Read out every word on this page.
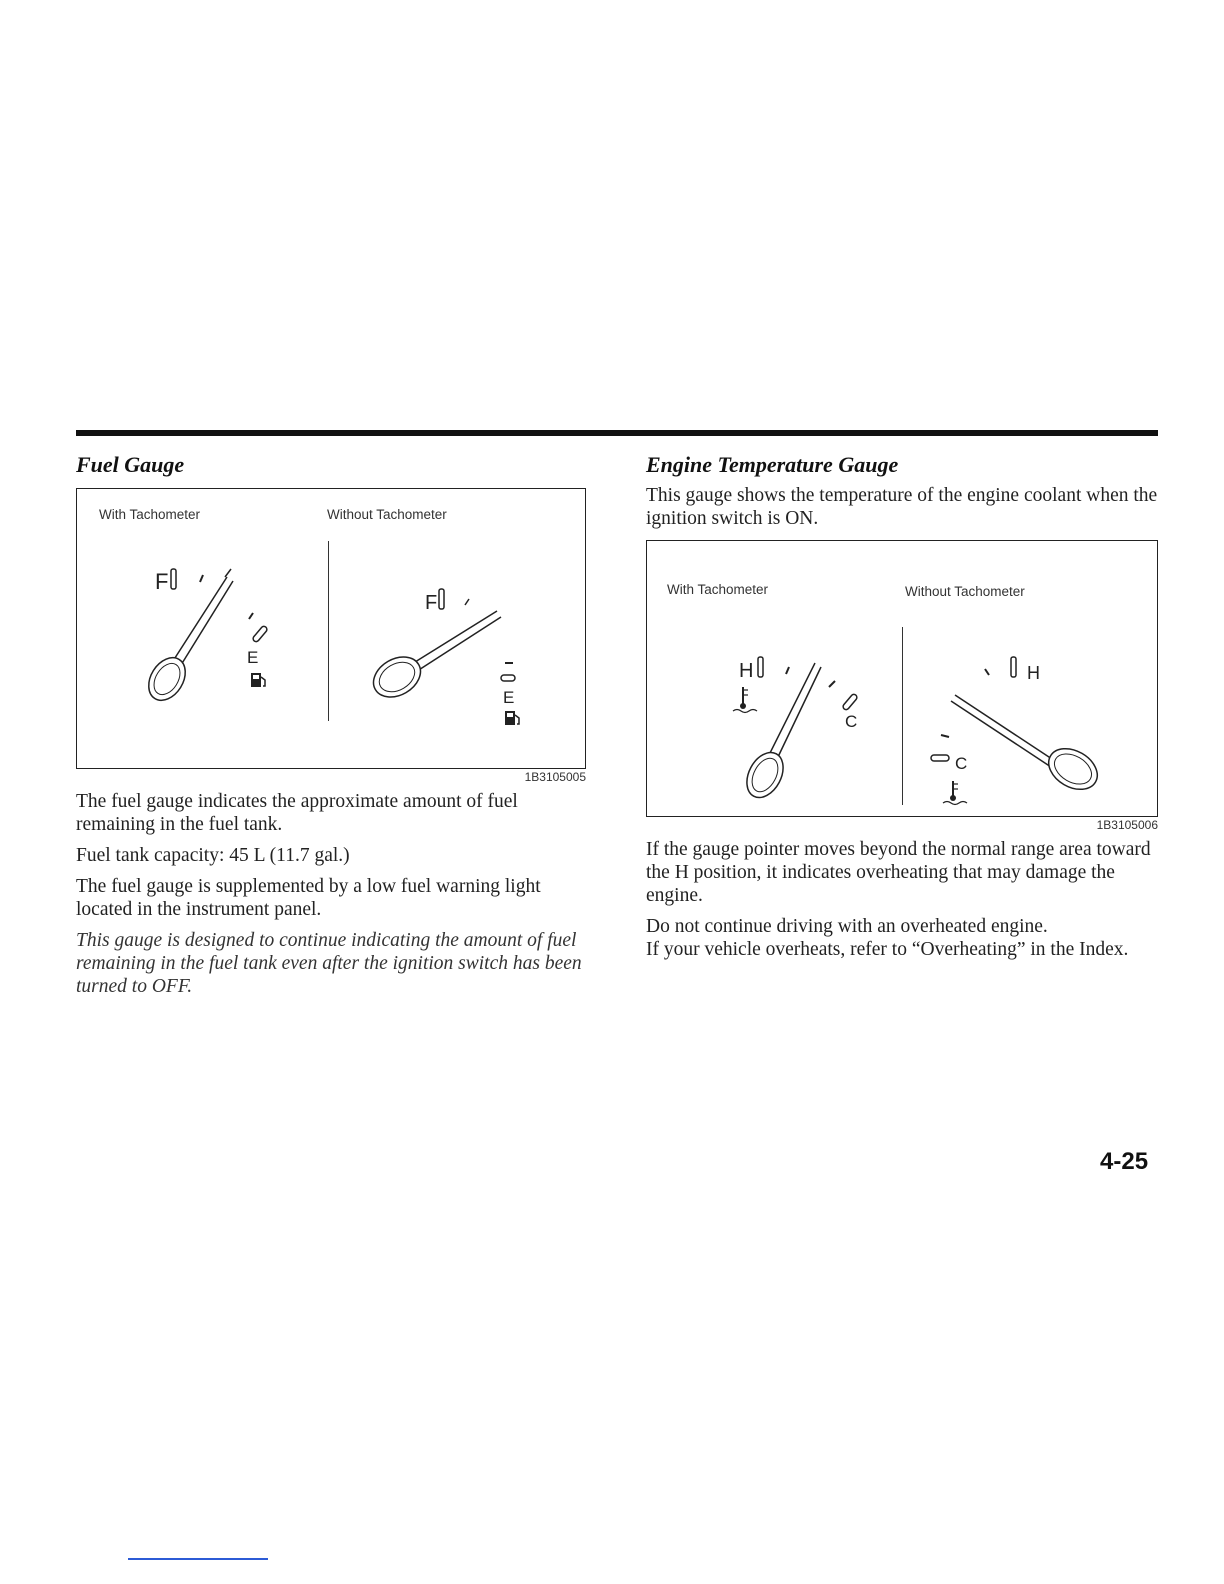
Fuel Gauge
With Tachometer	Without Tachometer
F
E
F
E
1B3105005

The fuel gauge indicates the approximate amount of fuel remaining in the fuel tank.

Fuel tank capacity: 45 L (11.7 gal.)

The fuel gauge is supplemented by a low fuel warning light located in the instrument panel.

This gauge is designed to continue indicating the amount of fuel remaining in the fuel tank even after the ignition switch has been turned to OFF.

Engine Temperature Gauge

This gauge shows the temperature of the engine coolant when the ignition switch is ON.

With Tachometer	Without Tachometer
H
C
H
C
1B3105006

If the gauge pointer moves beyond the normal range area toward the H position, it indicates overheating that may damage the engine.

Do not continue driving with an overheated engine.

If your vehicle overheats, refer to “Overheating” in the Index.

4-25
